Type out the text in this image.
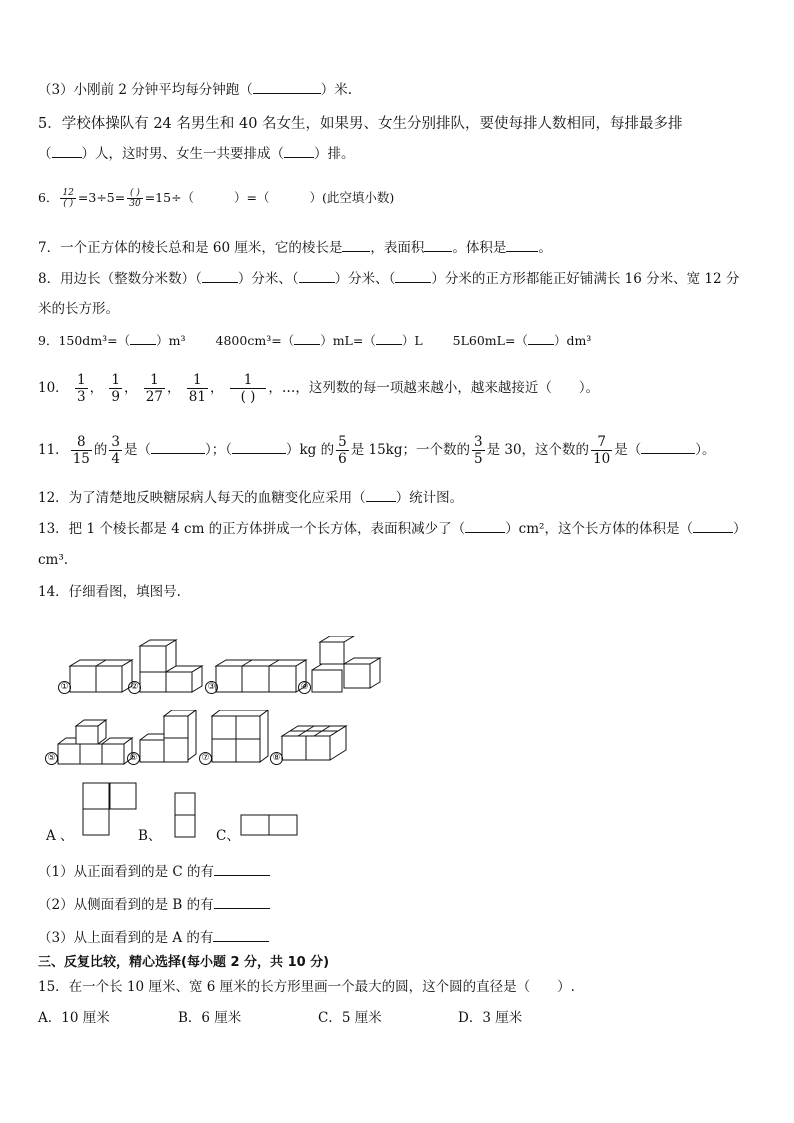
（3）小刚前 2 分钟平均每分钟跑（	）米.
5．学校体操队有 24 名男生和 40 名女生，如果男、女生分别排队，要使每排人数相同，每排最多排
（ ）人，这时男、女生一共要排成（ ）排。
6． $\frac{12}{( )} =3\div 5= \frac{( )}{30} =15\div$（	）=（	）(此空填小数)
7．一个正方体的棱长总和是 60 厘米，它的棱长是 ，表面积 。体积是 。
8．用边长（整数分米数）（	）分米、（	）分米、（	）分米的正方形都能正好铺满长 16 分米、宽 12 分
米的长方形。
9．150dm³=（ ）m³ 4800cm³=（ ）mL=（ ）L 5L60mL=（ ）dm³
10． $\frac{1}{3}$ ， $\frac{1}{9}$ ， $\frac{1}{27}$ ， $\frac{1}{81}$ ， $\frac{1}{( )}$ ，…，这列数的每一项越来越小，越来越接近（　　）。
11． $\frac{8}{15}$ 的 $\frac{3}{4}$ 是（	）；（	）kg 的 $\frac{5}{6}$ 是 15kg；一个数的 $\frac{3}{5}$ 是 30，这个数的 $\frac{7}{10}$ 是（	）。
12．为了清楚地反映糖尿病人每天的血糖变化应采用（ ）统计图。
13．把 1 个棱长都是 4 cm 的正方体拼成一个长方体，表面积减少了（	）cm²，这个长方体的体积是（	）
cm³.
14．仔细看图，填图号.
①	②	③	④
⑤	⑥	⑦	⑧
A 、	B、	C、
（1）从正面看到的是 C 的有
（2）从侧面看到的是 B 的有
（3）从上面看到的是 A 的有
三、反复比较，精心选择(每小题 2 分，共 10 分)
15．在一个长 10 厘米、宽 6 厘米的长方形里画一个最大的圆，这个圆的直径是（　　）.
A．10 厘米	B．6 厘米	C．5 厘米	D．3 厘米
